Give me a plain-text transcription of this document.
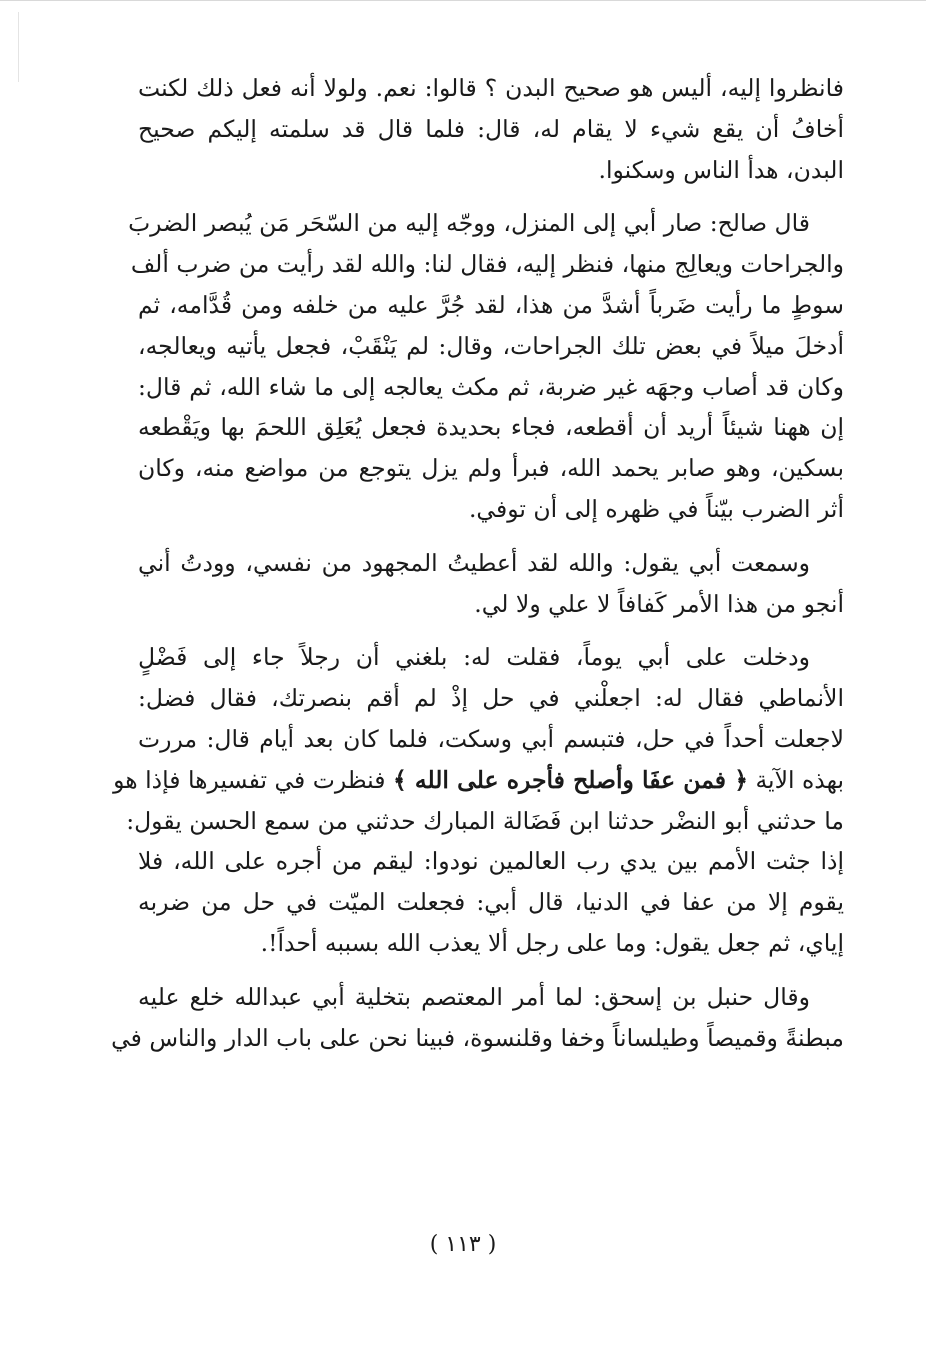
فانظروا إليه، أليس هو صحيح البدن ؟ قالوا: نعم. ولولا أنه فعل ذلك لكنت
أخافُ أن يقع شيء لا يقام له، قال: فلما قال قد سلمته إليكم صحيح
البدن، هدأ الناس وسكنوا.

قال صالح: صار أبي إلى المنزل، ووجّه إليه من السّحَر مَن يُبصر الضربَ
والجراحات ويعالِج منها، فنظر إليه، فقال لنا: والله لقد رأيت من ضرب ألف
سوطٍ ما رأيت ضَرباً أشدَّ من هذا، لقد جُرَّ عليه من خلفه ومن قُدَّامه، ثم
أدخلَ ميلاً في بعض تلك الجراحات، وقال: لم يَنْقَبْ، فجعل يأتيه ويعالجه،
وكان قد أصاب وجهَه غير ضربة، ثم مكث يعالجه إلى ما شاء الله، ثم قال:
إن ههنا شيئاً أريد أن أقطعه، فجاء بحديدة فجعل يُعَلِق اللحمَ بها ويَقْطعه
بسكين، وهو صابر يحمد الله، فبرأ ولم يزل يتوجع من مواضع منه، وكان
أثر الضرب بيّناً في ظهره إلى أن توفي.

وسمعت أبي يقول: والله لقد أعطيتُ المجهود من نفسي، وودتُ أني
أنجو من هذا الأمر كَفافاً لا علي ولا لي.

ودخلت على أبي يوماً، فقلت له: بلغني أن رجلاً جاء إلى فَضْلٍ
الأنماطي فقال له: اجعلْني في حل إذْ لم أقم بنصرتك، فقال فضل:
لاجعلت أحداً في حل، فتبسم أبي وسكت، فلما كان بعد أيام قال: مررت
بهذه الآية ﴿ فمن عفَا وأصلح فأجره على الله ﴾ فنظرت في تفسيرها فإذا هو
ما حدثني أبو النضْر حدثنا ابن فَضَالة المبارك حدثني من سمع الحسن يقول:
إذا جثت الأمم بين يدي رب العالمين نودوا: ليقم من أجره على الله، فلا
يقوم إلا من عفا في الدنيا، قال أبي: فجعلت الميّت في حل من ضربه
إياي، ثم جعل يقول: وما على رجل ألا يعذب الله بسببه أحداً!.

وقال حنبل بن إسحق: لما أمر المعتصم بتخلية أبي عبدالله خلع عليه
مبطنةً وقميصاً وطيلساناً وخفا وقلنسوة، فبينا نحن على باب الدار والناس في

( ١١٣ )
